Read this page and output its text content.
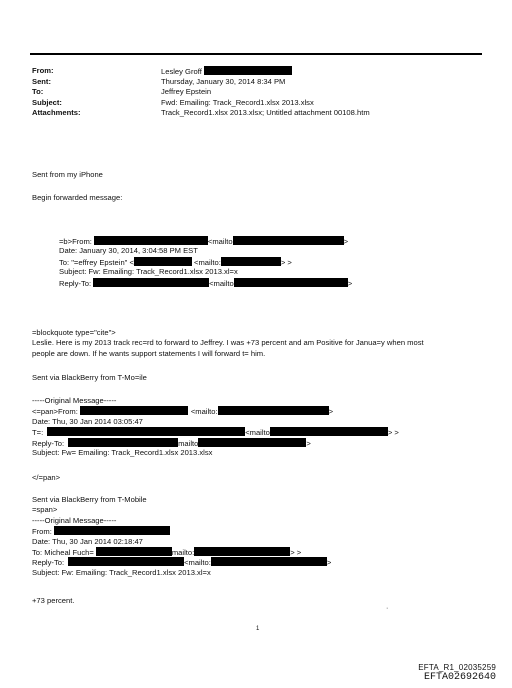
From:	Lesley Groff
Sent:	Thursday, January 30, 2014 8:34 PM
To:	Jeffrey Epstein
Subject:	Fwd: Emailing: Track_Record1.xlsx 2013.xlsx
Attachments:	Track_Record1.xlsx 2013.xlsx; Untitled attachment 00108.htm
Sent from my iPhone
Begin forwarded message:
=b>From:	<mailto	>
Date: January 30, 2014, 3:04:58 PM EST
To: "=effrey Epstein" <	<mailto:	> >
Subject: Fw: Emailing: Track_Record1.xlsx 2013.xl=x
Reply-To:	<mailto	>
=blockquote type="cite">
Leslie. Here is my 2013 track rec=rd to forward to Jeffrey. I was +73 percent and am Positive for Janua=y when most
people are down. If he wants support statements I will forward t= him.
Sent via BlackBerry from T-Mo=ile
-----Original Message-----
<=pan>From:	<mailto:	>
Date: Thu, 30 Jan 2014 03:05:47
T=:	<mailto	> >
Reply-To:	mailto	>
Subject: Fw= Emailing: Track_Record1.xlsx 2013.xlsx
</=pan>
Sent via BlackBerry from T-Mobile
=span>
-----Original Message-----
From:
Date: Thu, 30 Jan 2014 02:18:47
To: Micheal Fuch=	mailto:	> >
Reply-To:	<mailto:	>
Subject: Fw: Emailing: Track_Record1.xlsx 2013.xl=x
+73 percent.
·
1
EFTA_R1_02035259
EFTA02692640
